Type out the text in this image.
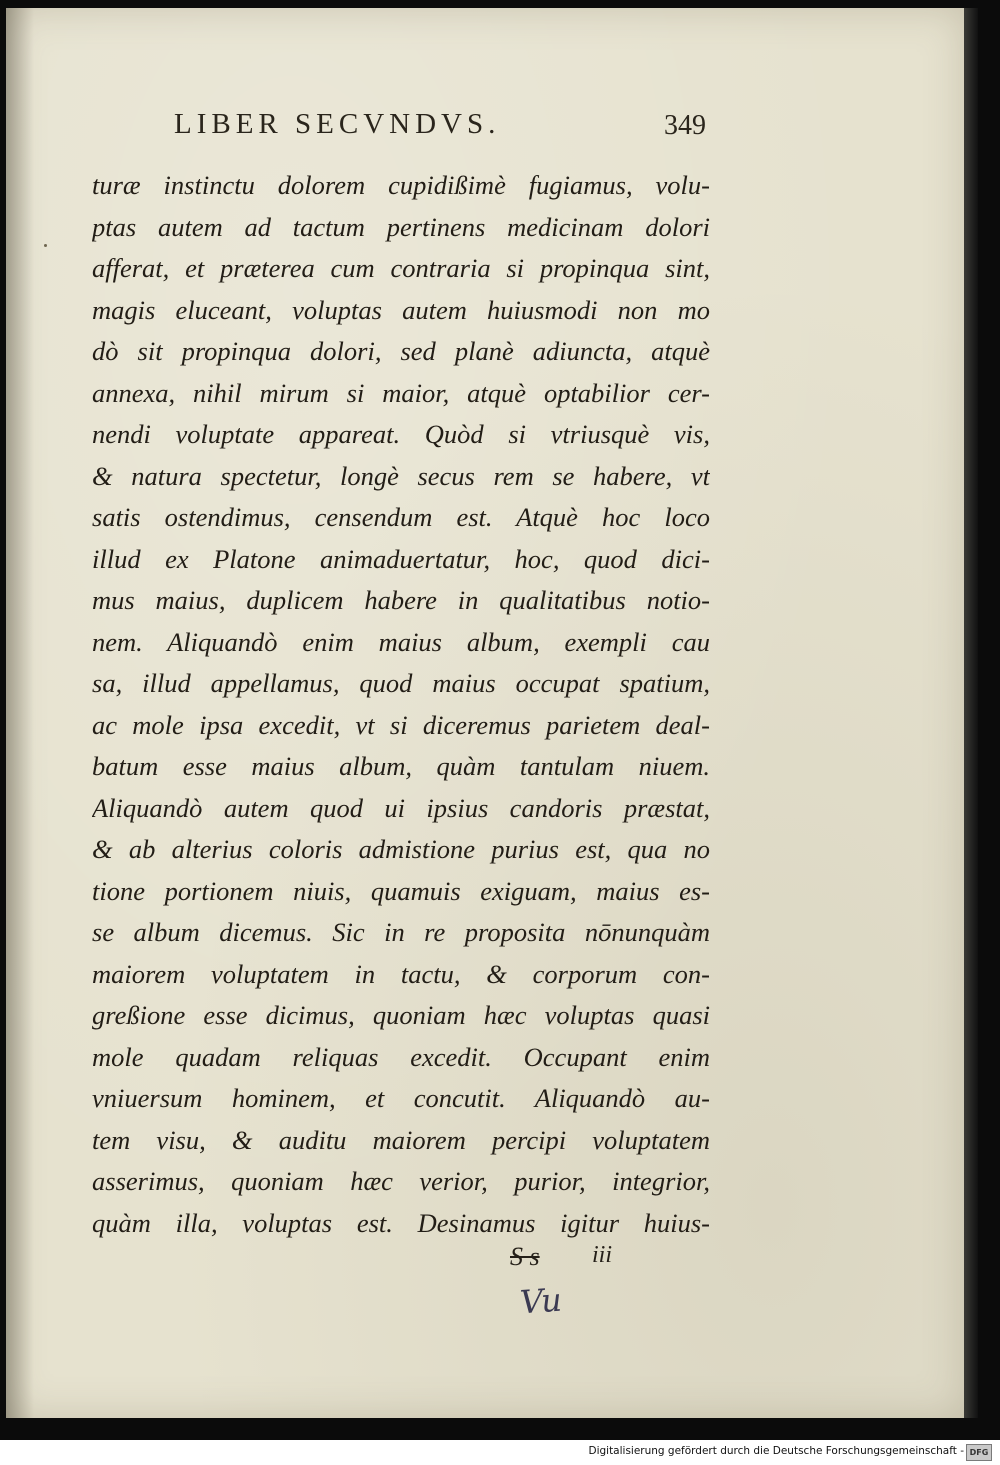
LIBER SECVNDVS.	349
turæ instinctu dolorem cupidißimè fugiamus, volu-
ptas autem ad tactum pertinens medicinam dolori
afferat, et præterea cum contraria si propinqua sint,
magis eluceant, voluptas autem huiusmodi non mo
dò sit propinqua dolori, sed planè adiuncta, atquè
annexa, nihil mirum si maior, atquè optabilior cer-
nendi voluptate appareat. Quòd si vtriusquè vis,
& natura spectetur, longè secus rem se habere, vt
satis ostendimus, censendum est. Atquè hoc loco
illud ex Platone animaduertatur, hoc, quod dici-
mus maius, duplicem habere in qualitatibus notio-
nem. Aliquandò enim maius album, exempli cau
sa, illud appellamus, quod maius occupat spatium,
ac mole ipsa excedit, vt si diceremus parietem deal-
batum esse maius album, quàm tantulam niuem.
Aliquandò autem quod ui ipsius candoris præstat,
& ab alterius coloris admistione purius est, qua no
tione portionem niuis, quamuis exiguam, maius es-
se album dicemus. Sic in re proposita nōnunquàm
maiorem voluptatem in tactu, & corporum con-
greßione esse dicimus, quoniam hæc voluptas quasi
mole quadam reliquas excedit. Occupant enim
vniuersum hominem, et concutit. Aliquandò au-
tem visu, & auditu maiorem percipi voluptatem
asserimus, quoniam hæc verior, purior, integrior,
quàm illa, voluptas est. Desinamus igitur huius-
S s iii
Vu
Digitalisierung gefördert durch die Deutsche Forschungsgemeinschaft - DFG
